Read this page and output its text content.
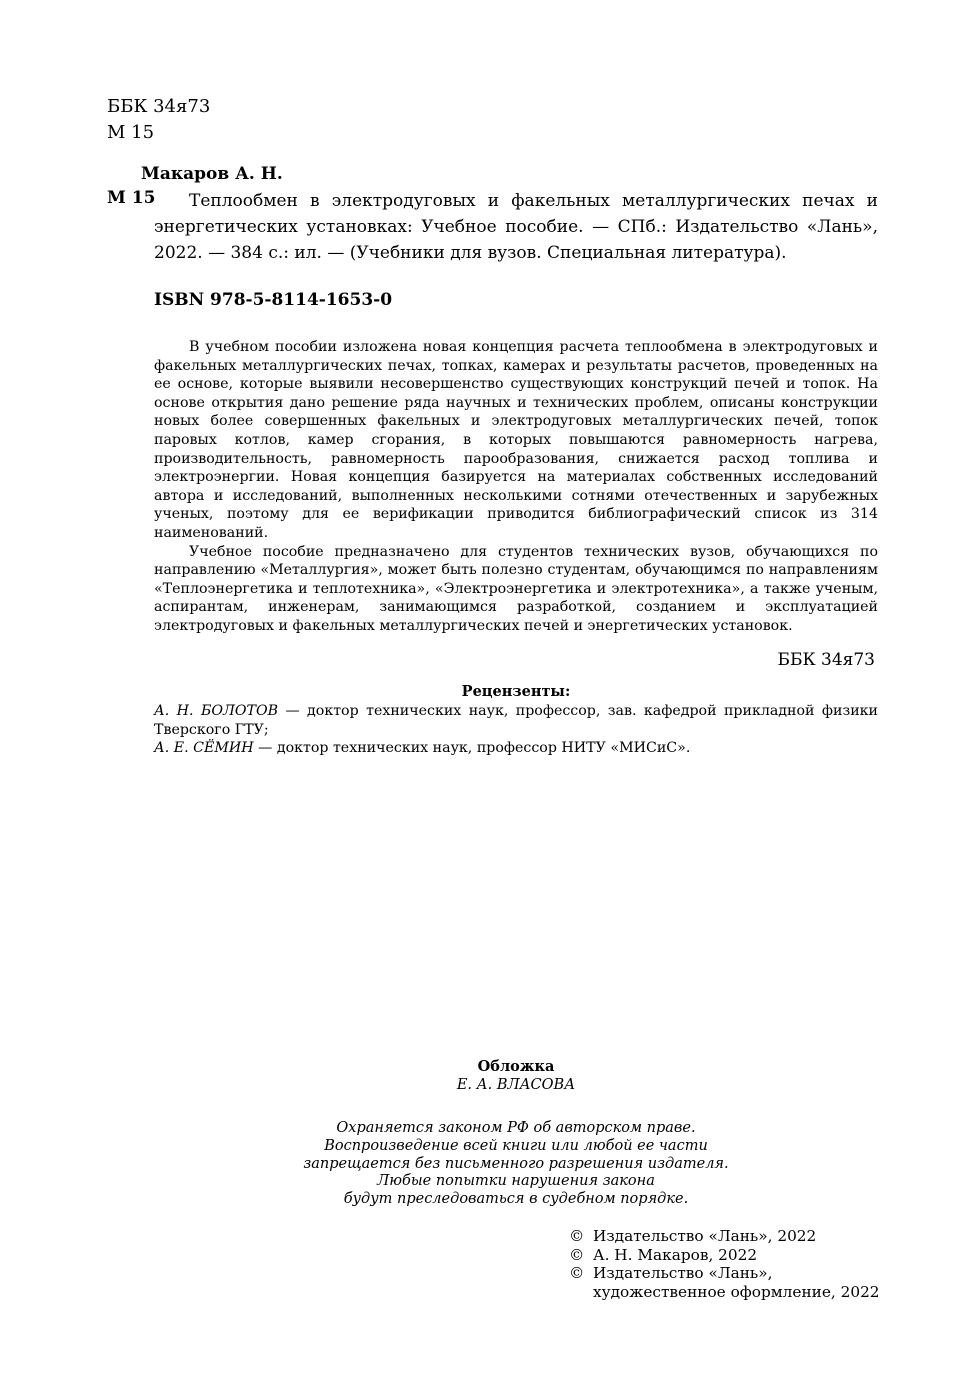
ББК 34я73
М 15
Макаров А. Н.
М 15	Теплообмен в электродуговых и факельных металлургических печах и энергетических установках: Учебное пособие. — СПб.: Издательство «Лань», 2022. — 384 с.: ил. — (Учебники для вузов. Специальная литература).
ISBN 978-5-8114-1653-0

В учебном пособии изложена новая концепция расчета теплообмена в электродуговых и факельных металлургических печах, топках, камерах и результаты расчетов, проведенных на ее основе, которые выявили несовершенство существующих конструкций печей и топок. На основе открытия дано решение ряда научных и технических проблем, описаны конструкции новых более совершенных факельных и электродуговых металлургических печей, топок паровых котлов, камер сгорания, в которых повышаются равномерность нагрева, производительность, равномерность парообразования, снижается расход топлива и электроэнергии. Новая концепция базируется на материалах собственных исследований автора и исследований, выполненных несколькими сотнями отечественных и зарубежных ученых, поэтому для ее верификации приводится библиографический список из 314 наименований.

Учебное пособие предназначено для студентов технических вузов, обучающихся по направлению «Металлургия», может быть полезно студентам, обучающимся по направлениям «Теплоэнергетика и теплотехника», «Электроэнергетика и электротехника», а также ученым, аспирантам, инженерам, занимающимся разработкой, созданием и эксплуатацией электродуговых и факельных металлургических печей и энергетических установок.

ББК 34я73
Рецензенты:

А. Н. БОЛОТОВ — доктор технических наук, профессор, зав. кафедрой прикладной физики Тверского ГТУ;

А. Е. СЁМИН — доктор технических наук, профессор НИТУ «МИСиС».

Обложка
Е. А. ВЛАСОВА
Охраняется законом РФ об авторском праве.
Воспроизведение всей книги или любой ее части
запрещается без письменного разрешения издателя.
Любые попытки нарушения закона
будут преследоваться в судебном порядке.
© Издательство «Лань», 2022
© А. Н. Макаров, 2022
© Издательство «Лань»,
художественное оформление, 2022
